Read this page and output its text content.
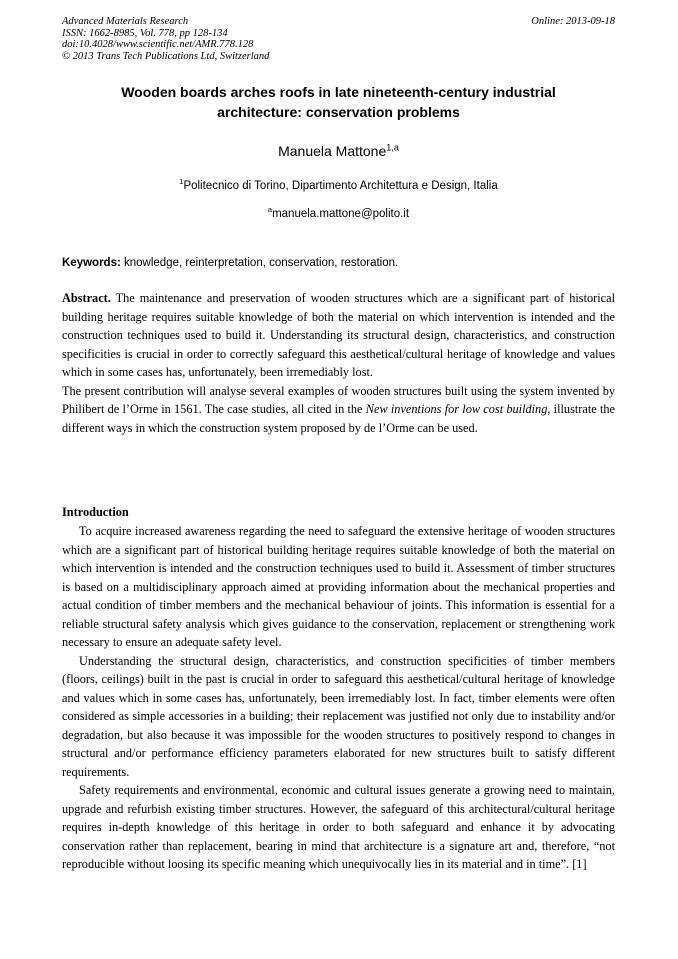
Advanced Materials Research
ISSN: 1662-8985, Vol. 778, pp 128-134
doi:10.4028/www.scientific.net/AMR.778.128
© 2013 Trans Tech Publications Ltd, Switzerland
Online: 2013-09-18
Wooden boards arches roofs in late nineteenth-century industrial
architecture: conservation problems
Manuela Mattone$^{1,a}$
$^1$Politecnico di Torino, Dipartimento Architettura e Design, Italia
$^a$manuela.mattone@polito.it
Keywords: knowledge, reinterpretation, conservation, restoration.

Abstract. The maintenance and preservation of wooden structures which are a significant part of historical building heritage requires suitable knowledge of both the material on which intervention is intended and the construction techniques used to build it. Understanding its structural design, characteristics, and construction specificities is crucial in order to correctly safeguard this aesthetical/cultural heritage of knowledge and values which in some cases has, unfortunately, been irremediably lost.

The present contribution will analyse several examples of wooden structures built using the system invented by Philibert de l’Orme in 1561. The case studies, all cited in the New inventions for low cost building, illustrate the different ways in which the construction system proposed by de l’Orme can be used.

Introduction

To acquire increased awareness regarding the need to safeguard the extensive heritage of wooden structures which are a significant part of historical building heritage requires suitable knowledge of both the material on which intervention is intended and the construction techniques used to build it. Assessment of timber structures is based on a multidisciplinary approach aimed at providing information about the mechanical properties and actual condition of timber members and the mechanical behaviour of joints. This information is essential for a reliable structural safety analysis which gives guidance to the conservation, replacement or strengthening work necessary to ensure an adequate safety level.

Understanding the structural design, characteristics, and construction specificities of timber members (floors, ceilings) built in the past is crucial in order to safeguard this aesthetical/cultural heritage of knowledge and values which in some cases has, unfortunately, been irremediably lost. In fact, timber elements were often considered as simple accessories in a building; their replacement was justified not only due to instability and/or degradation, but also because it was impossible for the wooden structures to positively respond to changes in structural and/or performance efficiency parameters elaborated for new structures built to satisfy different requirements.

Safety requirements and environmental, economic and cultural issues generate a growing need to maintain, upgrade and refurbish existing timber structures. However, the safeguard of this architectural/cultural heritage requires in-depth knowledge of this heritage in order to both safeguard and enhance it by advocating conservation rather than replacement, bearing in mind that architecture is a signature art and, therefore, “not reproducible without loosing its specific meaning which unequivocally lies in its material and in time”. [1]
